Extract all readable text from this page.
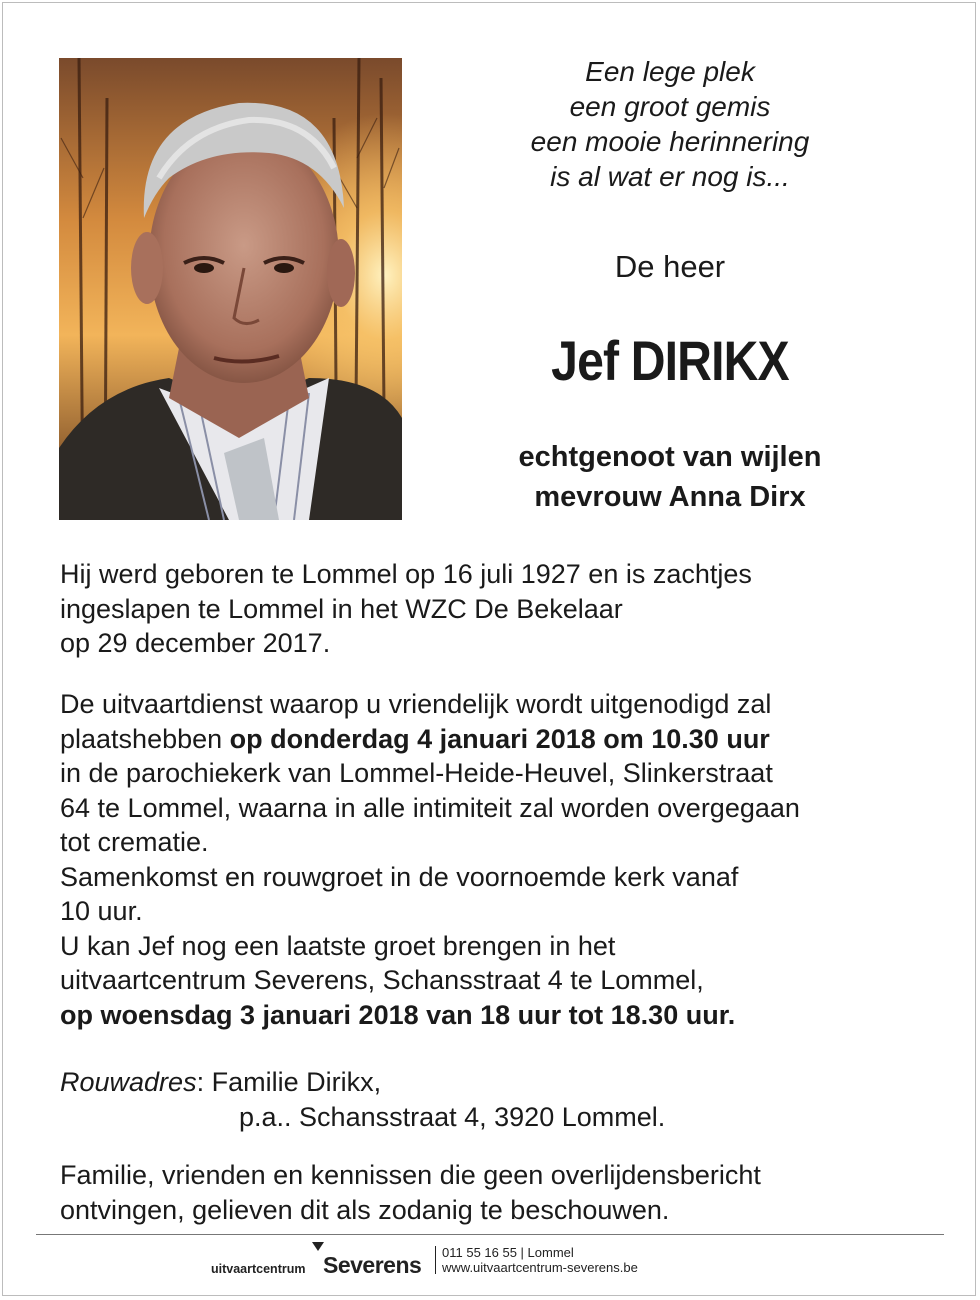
Een lege plek
een groot gemis
een mooie herinnering
is al wat er nog is...
De heer
Jef DIRIKX
echtgenoot van wijlen
mevrouw Anna Dirx
Hij werd geboren te Lommel op 16 juli 1927 en is zachtjes
ingeslapen te Lommel in het WZC De Bekelaar
op 29 december 2017.
De uitvaartdienst waarop u vriendelijk wordt uitgenodigd zal
plaatshebben op donderdag 4 januari 2018 om 10.30 uur
in de parochiekerk van Lommel-Heide-Heuvel, Slinkerstraat
64 te Lommel, waarna in alle intimiteit zal worden overgegaan
tot crematie.
Samenkomst en rouwgroet in de voornoemde kerk vanaf
10 uur.
U kan Jef nog een laatste groet brengen in het
uitvaartcentrum Severens, Schansstraat 4 te Lommel,
op woensdag 3 januari 2018 van 18 uur tot 18.30 uur.
Rouwadres: Familie Dirikx,
p.a.. Schansstraat 4, 3920 Lommel.
Familie, vrienden en kennissen die geen overlijdensbericht
ontvingen, gelieven dit als zodanig te beschouwen.
uitvaartcentrum Severens 011 55 16 55 | Lommel
www.uitvaartcentrum-severens.be
